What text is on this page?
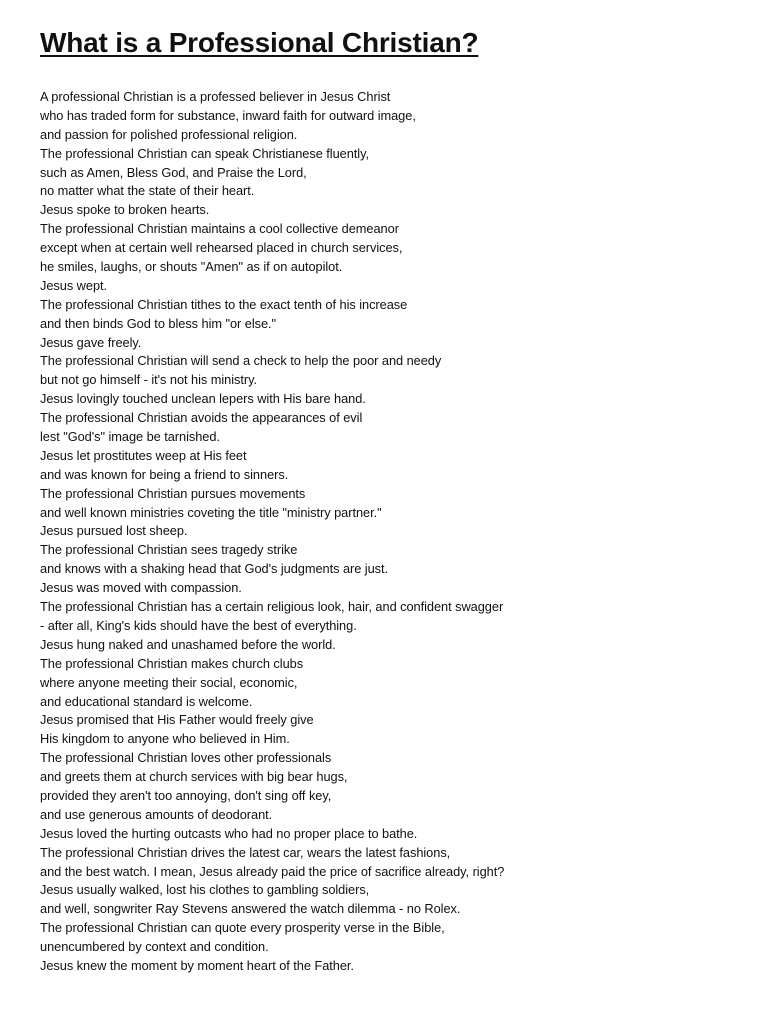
What is a Professional Christian?
A professional Christian is a professed believer in Jesus Christ
who has traded form for substance, inward faith for outward image,
and passion for polished professional religion.
The professional Christian can speak Christianese fluently,
such as Amen, Bless God, and Praise the Lord,
no matter what the state of their heart.
Jesus spoke to broken hearts.
The professional Christian maintains a cool collective demeanor
except when at certain well rehearsed placed in church services,
he smiles, laughs, or shouts "Amen" as if on autopilot.
Jesus wept.
The professional Christian tithes to the exact tenth of his increase
and then binds God to bless him "or else."
Jesus gave freely.
The professional Christian will send a check to help the poor and needy
but not go himself - it's not his ministry.
Jesus lovingly touched unclean lepers with His bare hand.
The professional Christian avoids the appearances of evil
lest "God's" image be tarnished.
Jesus let prostitutes weep at His feet
and was known for being a friend to sinners.
The professional Christian pursues movements
and well known ministries coveting the title "ministry partner."
Jesus pursued lost sheep.
The professional Christian sees tragedy strike
and knows with a shaking head that God's judgments are just.
Jesus was moved with compassion.
The professional Christian has a certain religious look, hair, and confident swagger
- after all, King's kids should have the best of everything.
Jesus hung naked and unashamed before the world.
The professional Christian makes church clubs
where anyone meeting their social, economic,
and educational standard is welcome.
Jesus promised that His Father would freely give
His kingdom to anyone who believed in Him.
The professional Christian loves other professionals
and greets them at church services with big bear hugs,
provided they aren't too annoying, don't sing off key,
and use generous amounts of deodorant.
Jesus loved the hurting outcasts who had no proper place to bathe.
The professional Christian drives the latest car, wears the latest fashions,
and the best watch. I mean, Jesus already paid the price of sacrifice already, right?
Jesus usually walked, lost his clothes to gambling soldiers,
and well, songwriter Ray Stevens answered the watch dilemma - no Rolex.
The professional Christian can quote every prosperity verse in the Bible,
unencumbered by context and condition.
Jesus knew the moment by moment heart of the Father.
